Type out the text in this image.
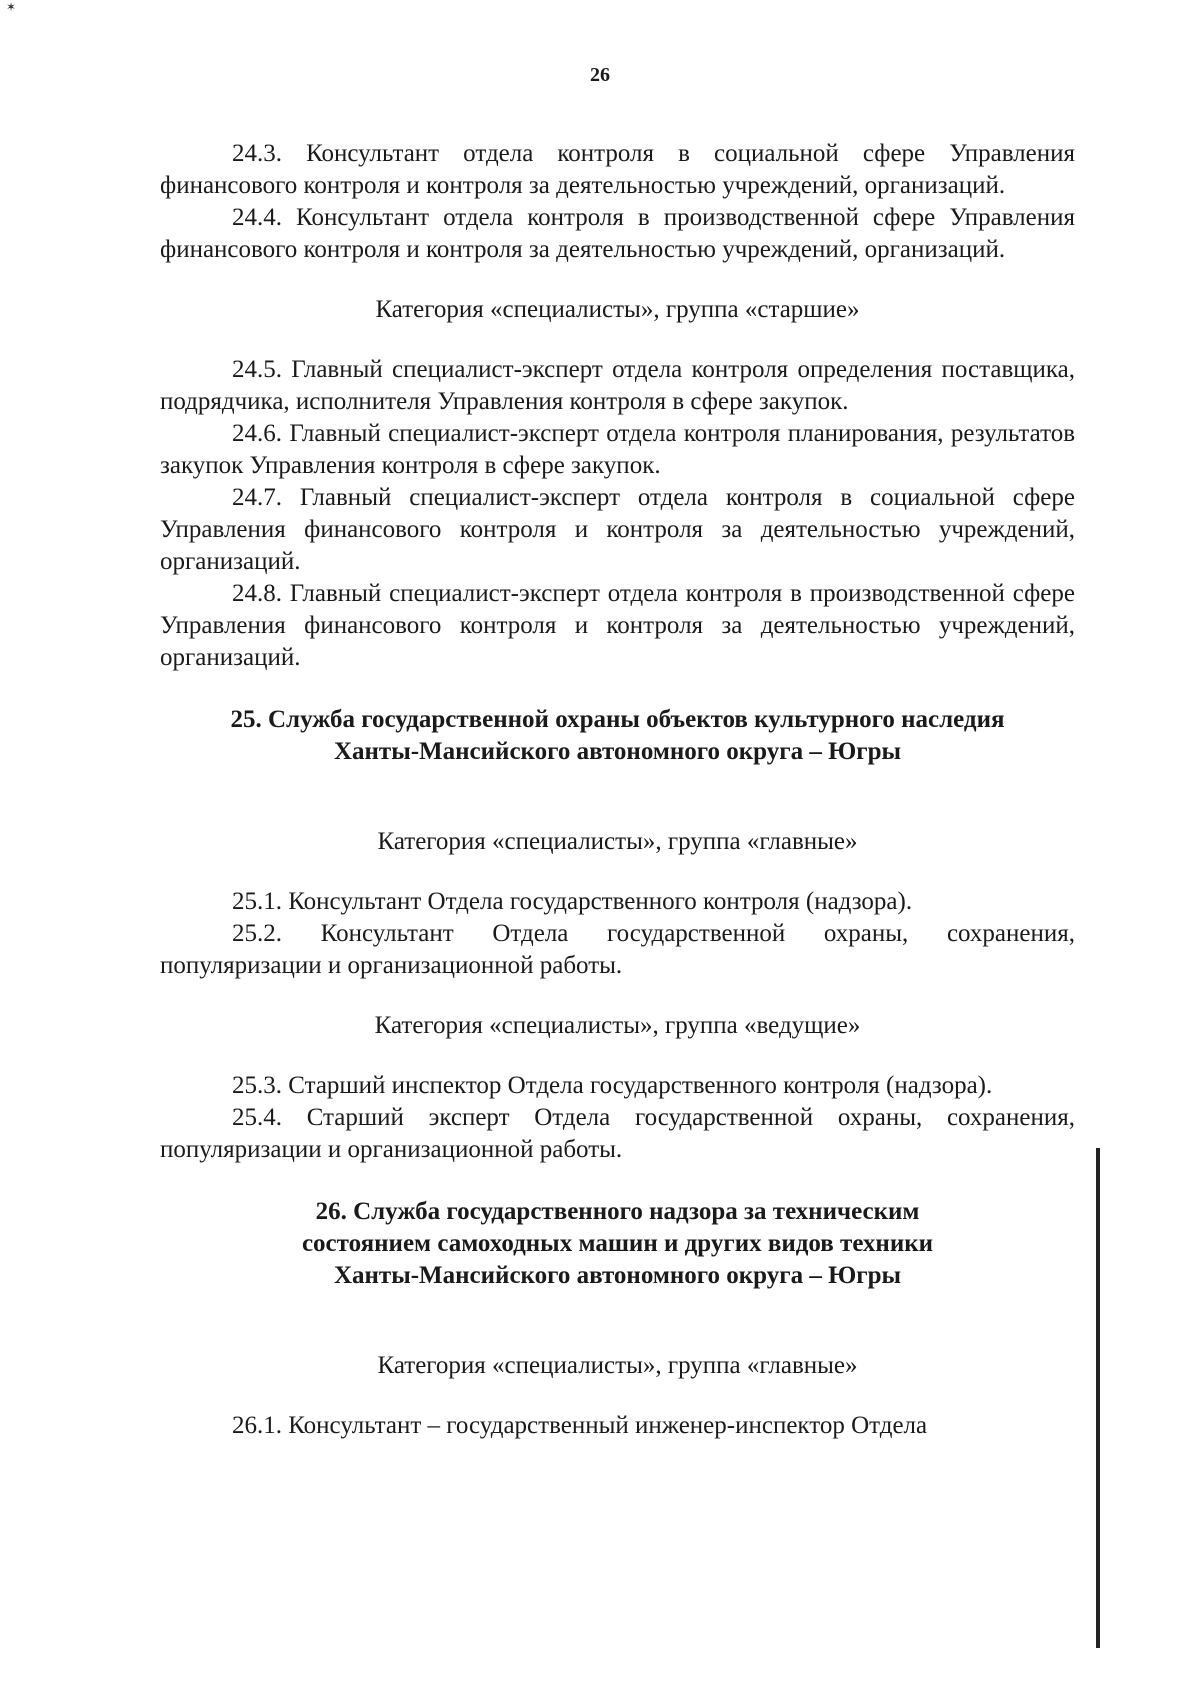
✶
26

24.3. Консультант отдела контроля в социальной сфере Управления финансового контроля и контроля за деятельностью учреждений, организаций.

24.4. Консультант отдела контроля в производственной сфере Управления финансового контроля и контроля за деятельностью учреждений, организаций.

Категория «специалисты», группа «старшие»

24.5. Главный специалист-эксперт отдела контроля определения поставщика, подрядчика, исполнителя Управления контроля в сфере закупок.

24.6. Главный специалист-эксперт отдела контроля планирования, результатов закупок Управления контроля в сфере закупок.

24.7. Главный специалист-эксперт отдела контроля в социальной сфере Управления финансового контроля и контроля за деятельностью учреждений, организаций.

24.8. Главный специалист-эксперт отдела контроля в производственной сфере Управления финансового контроля и контроля за деятельностью учреждений, организаций.

25. Служба государственной охраны объектов культурного наследия
Ханты-Мансийского автономного округа – Югры

Категория «специалисты», группа «главные»

25.1. Консультант Отдела государственного контроля (надзора).

25.2. Консультант Отдела государственной охраны, сохранения, популяризации и организационной работы.

Категория «специалисты», группа «ведущие»

25.3. Старший инспектор Отдела государственного контроля (надзора).

25.4. Старший эксперт Отдела государственной охраны, сохранения, популяризации и организационной работы.

26. Служба государственного надзора за техническим
состоянием самоходных машин и других видов техники
Ханты-Мансийского автономного округа – Югры

Категория «специалисты», группа «главные»

26.1. Консультант – государственный инженер-инспектор Отдела
